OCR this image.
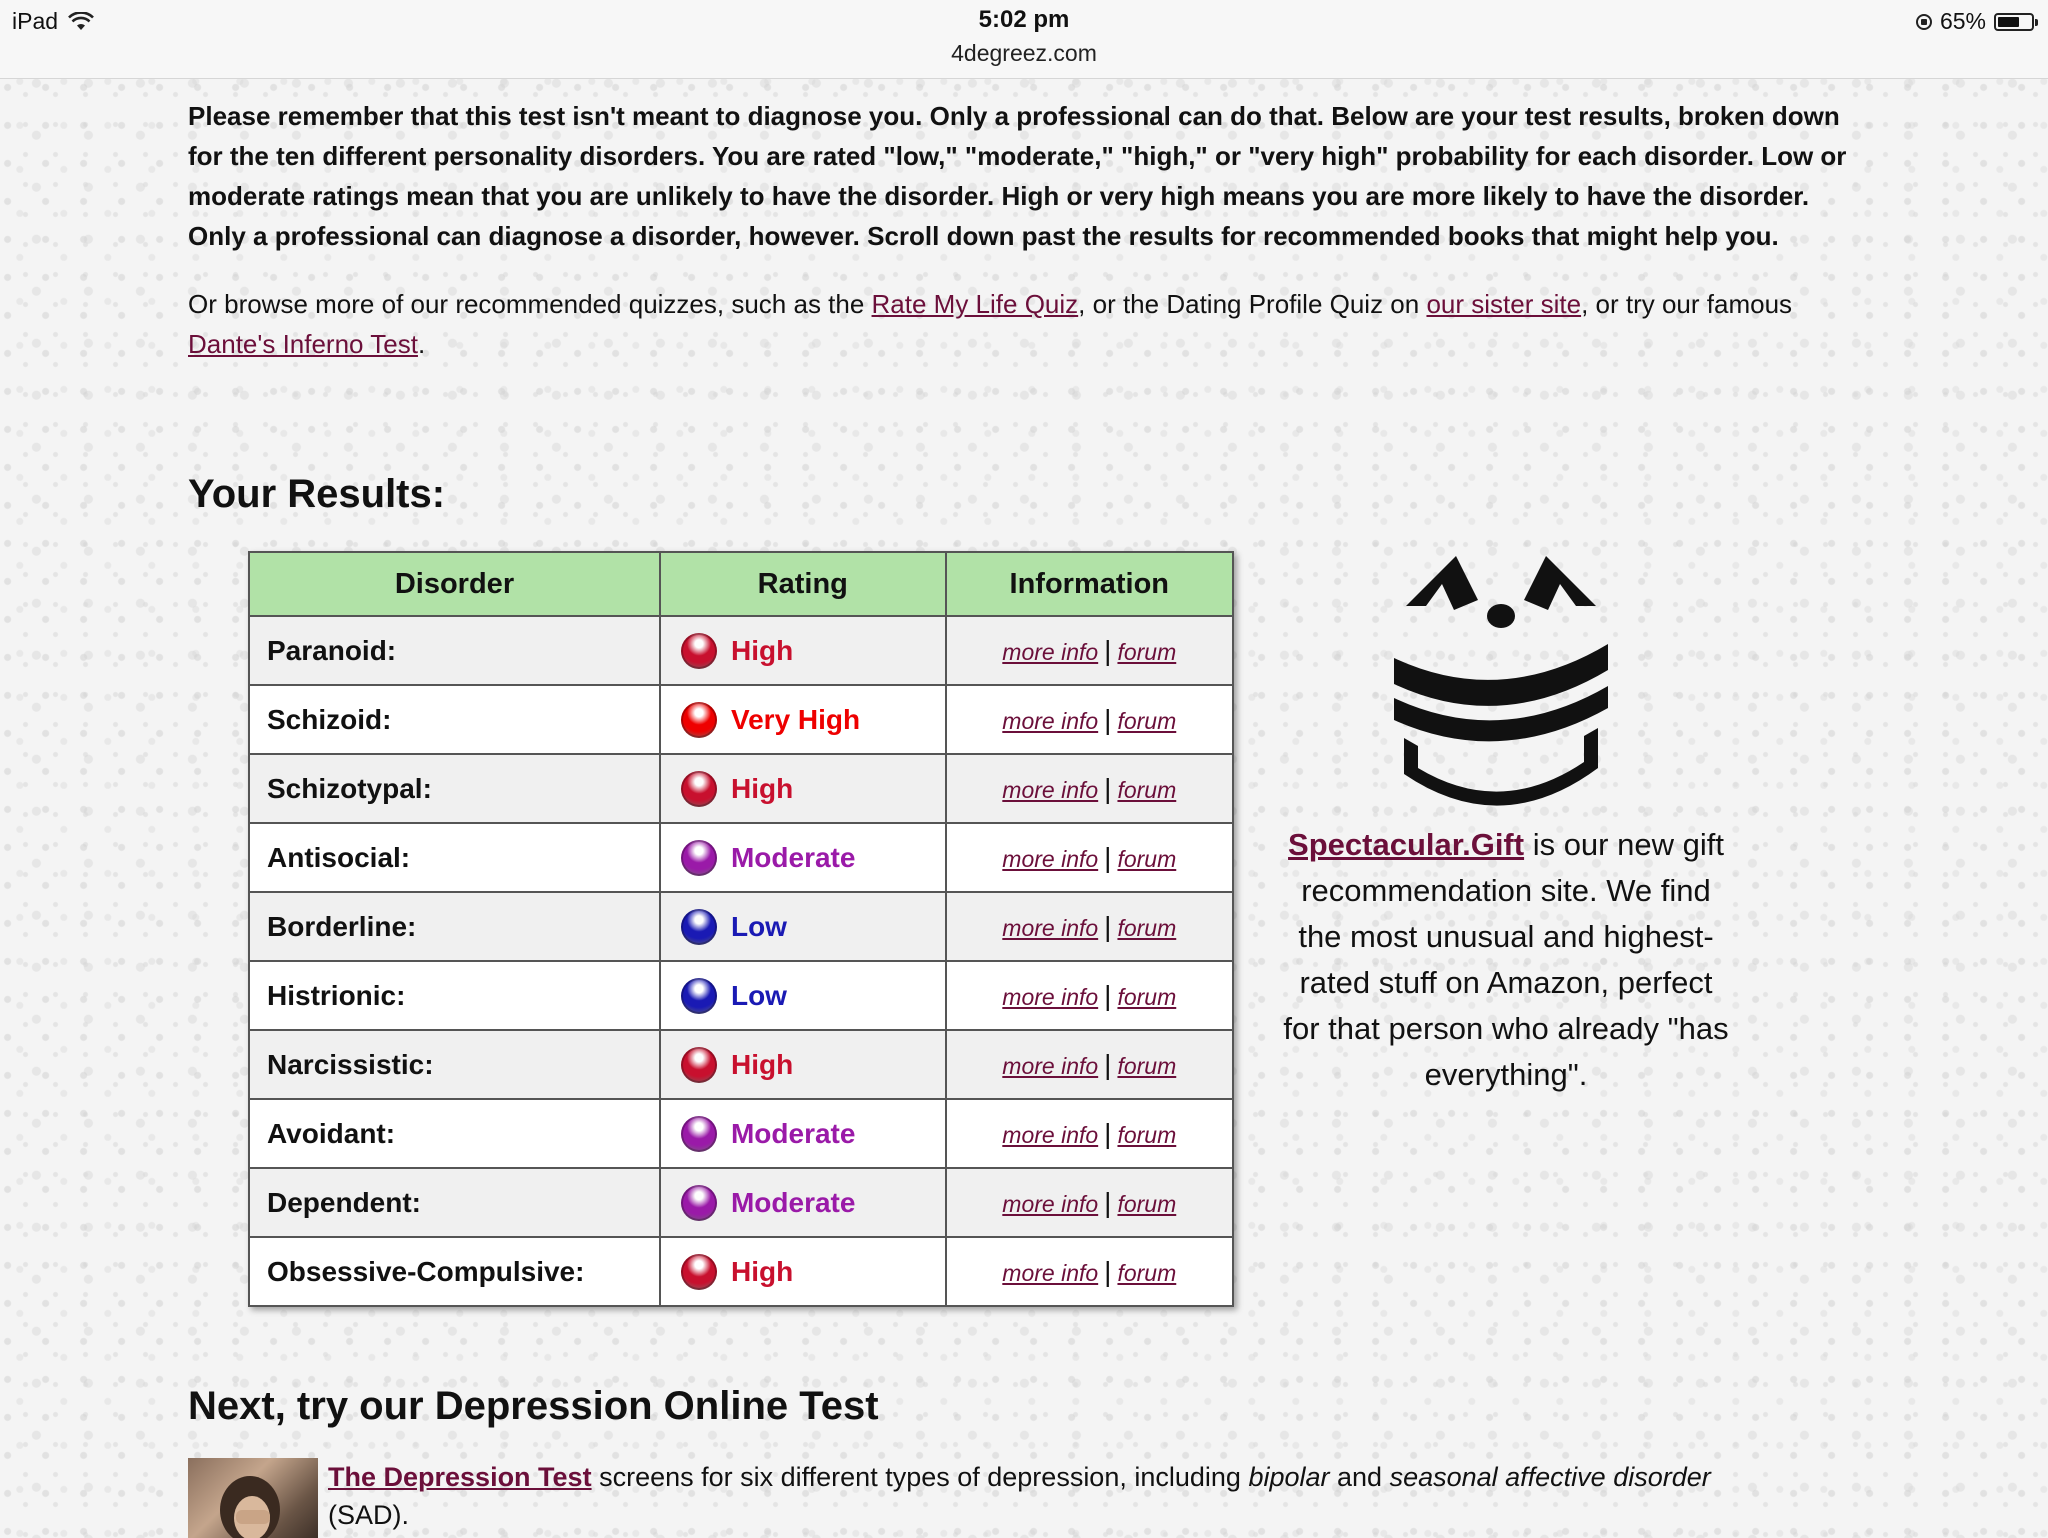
iPad	5:02 pm
4degreez.com
65%

Please remember that this test isn't meant to diagnose you. Only a professional can do that. Below are your test results, broken down for the ten different personality disorders. You are rated "low," "moderate," "high," or "very high" probability for each disorder. Low or moderate ratings mean that you are unlikely to have the disorder. High or very high means you are more likely to have the disorder. Only a professional can diagnose a disorder, however. Scroll down past the results for recommended books that might help you.

Or browse more of our recommended quizzes, such as the Rate My Life Quiz, or the Dating Profile Quiz on our sister site, or try our famous Dante's Inferno Test.

Your Results:
Disorder	Rating	Information
Paranoid:	High	more info | forum
Schizoid:	Very High	more info | forum
Schizotypal:	High	more info | forum
Antisocial:	Moderate	more info | forum
Borderline:	Low	more info | forum
Histrionic:	Low	more info | forum
Narcissistic:	High	more info | forum
Avoidant:	Moderate	more info | forum
Dependent:	Moderate	more info | forum
Obsessive-Compulsive:	High	more info | forum
Spectacular.Gift is our new gift recommendation site. We find the most unusual and highest-rated stuff on Amazon, perfect for that person who already "has everything".
Next, try our Depression Online Test
The Depression Test screens for six different types of depression, including bipolar and seasonal affective disorder (SAD).
